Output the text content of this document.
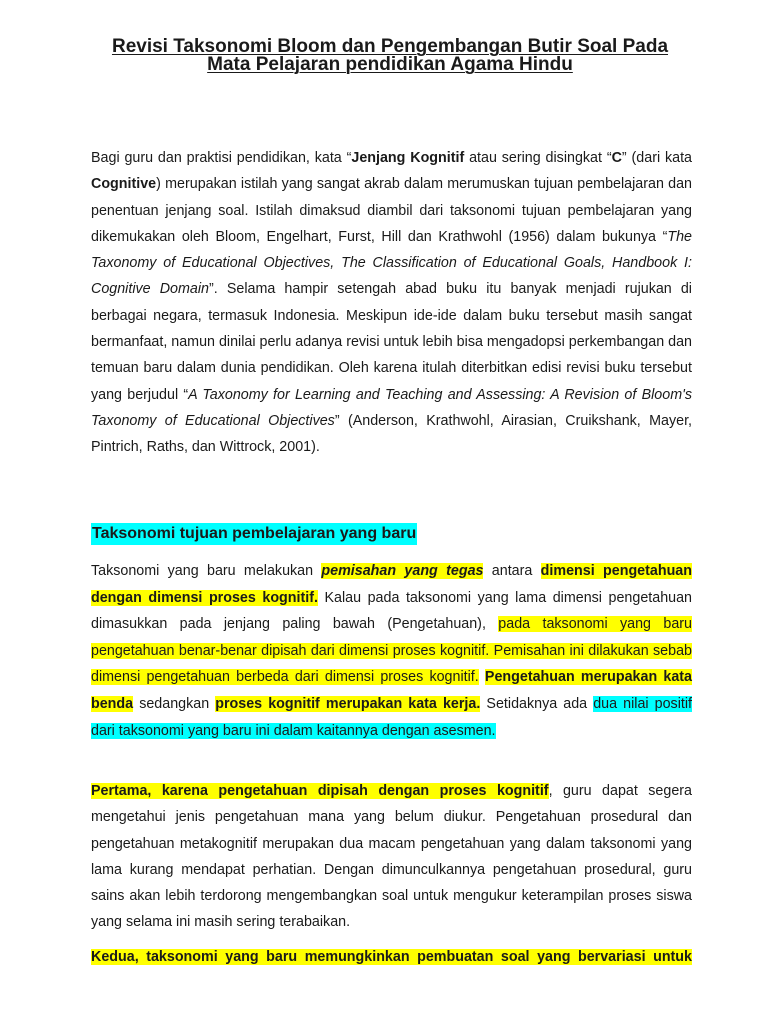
Revisi Taksonomi Bloom dan Pengembangan Butir Soal Pada
Mata Pelajaran pendidikan Agama Hindu

Bagi guru dan praktisi pendidikan, kata “Jenjang Kognitif atau sering disingkat “C” (dari kata Cognitive) merupakan istilah yang sangat akrab dalam merumuskan tujuan pembelajaran dan penentuan jenjang soal. Istilah dimaksud diambil dari taksonomi tujuan pembelajaran yang dikemukakan oleh Bloom, Engelhart, Furst, Hill dan Krathwohl (1956) dalam bukunya “The Taxonomy of Educational Objectives, The Classification of Educational Goals, Handbook I: Cognitive Domain”. Selama hampir setengah abad buku itu banyak menjadi rujukan di berbagai negara, termasuk Indonesia. Meskipun ide-ide dalam buku tersebut masih sangat bermanfaat, namun dinilai perlu adanya revisi untuk lebih bisa mengadopsi perkembangan dan temuan baru dalam dunia pendidikan. Oleh karena itulah diterbitkan edisi revisi buku tersebut yang berjudul “A Taxonomy for Learning and Teaching and Assessing: A Revision of Bloom's Taxonomy of Educational Objectives” (Anderson, Krathwohl, Airasian, Cruikshank, Mayer, Pintrich, Raths, dan Wittrock, 2001).

Taksonomi tujuan pembelajaran yang baru

Taksonomi yang baru melakukan pemisahan yang tegas antara dimensi pengetahuan dengan dimensi proses kognitif. Kalau pada taksonomi yang lama dimensi pengetahuan dimasukkan pada jenjang paling bawah (Pengetahuan), pada taksonomi yang baru pengetahuan benar-benar dipisah dari dimensi proses kognitif. Pemisahan ini dilakukan sebab dimensi pengetahuan berbeda dari dimensi proses kognitif. Pengetahuan merupakan kata benda sedangkan proses kognitif merupakan kata kerja. Setidaknya ada dua nilai positif dari taksonomi yang baru ini dalam kaitannya dengan asesmen.

Pertama, karena pengetahuan dipisah dengan proses kognitif, guru dapat segera mengetahui jenis pengetahuan mana yang belum diukur. Pengetahuan prosedural dan pengetahuan metakognitif merupakan dua macam pengetahuan yang dalam taksonomi yang lama kurang mendapat perhatian. Dengan dimunculkannya pengetahuan prosedural, guru sains akan lebih terdorong mengembangkan soal untuk mengukur keterampilan proses siswa yang selama ini masih sering terabaikan.

Kedua, taksonomi yang baru memungkinkan pembuatan soal yang bervariasi untuk
